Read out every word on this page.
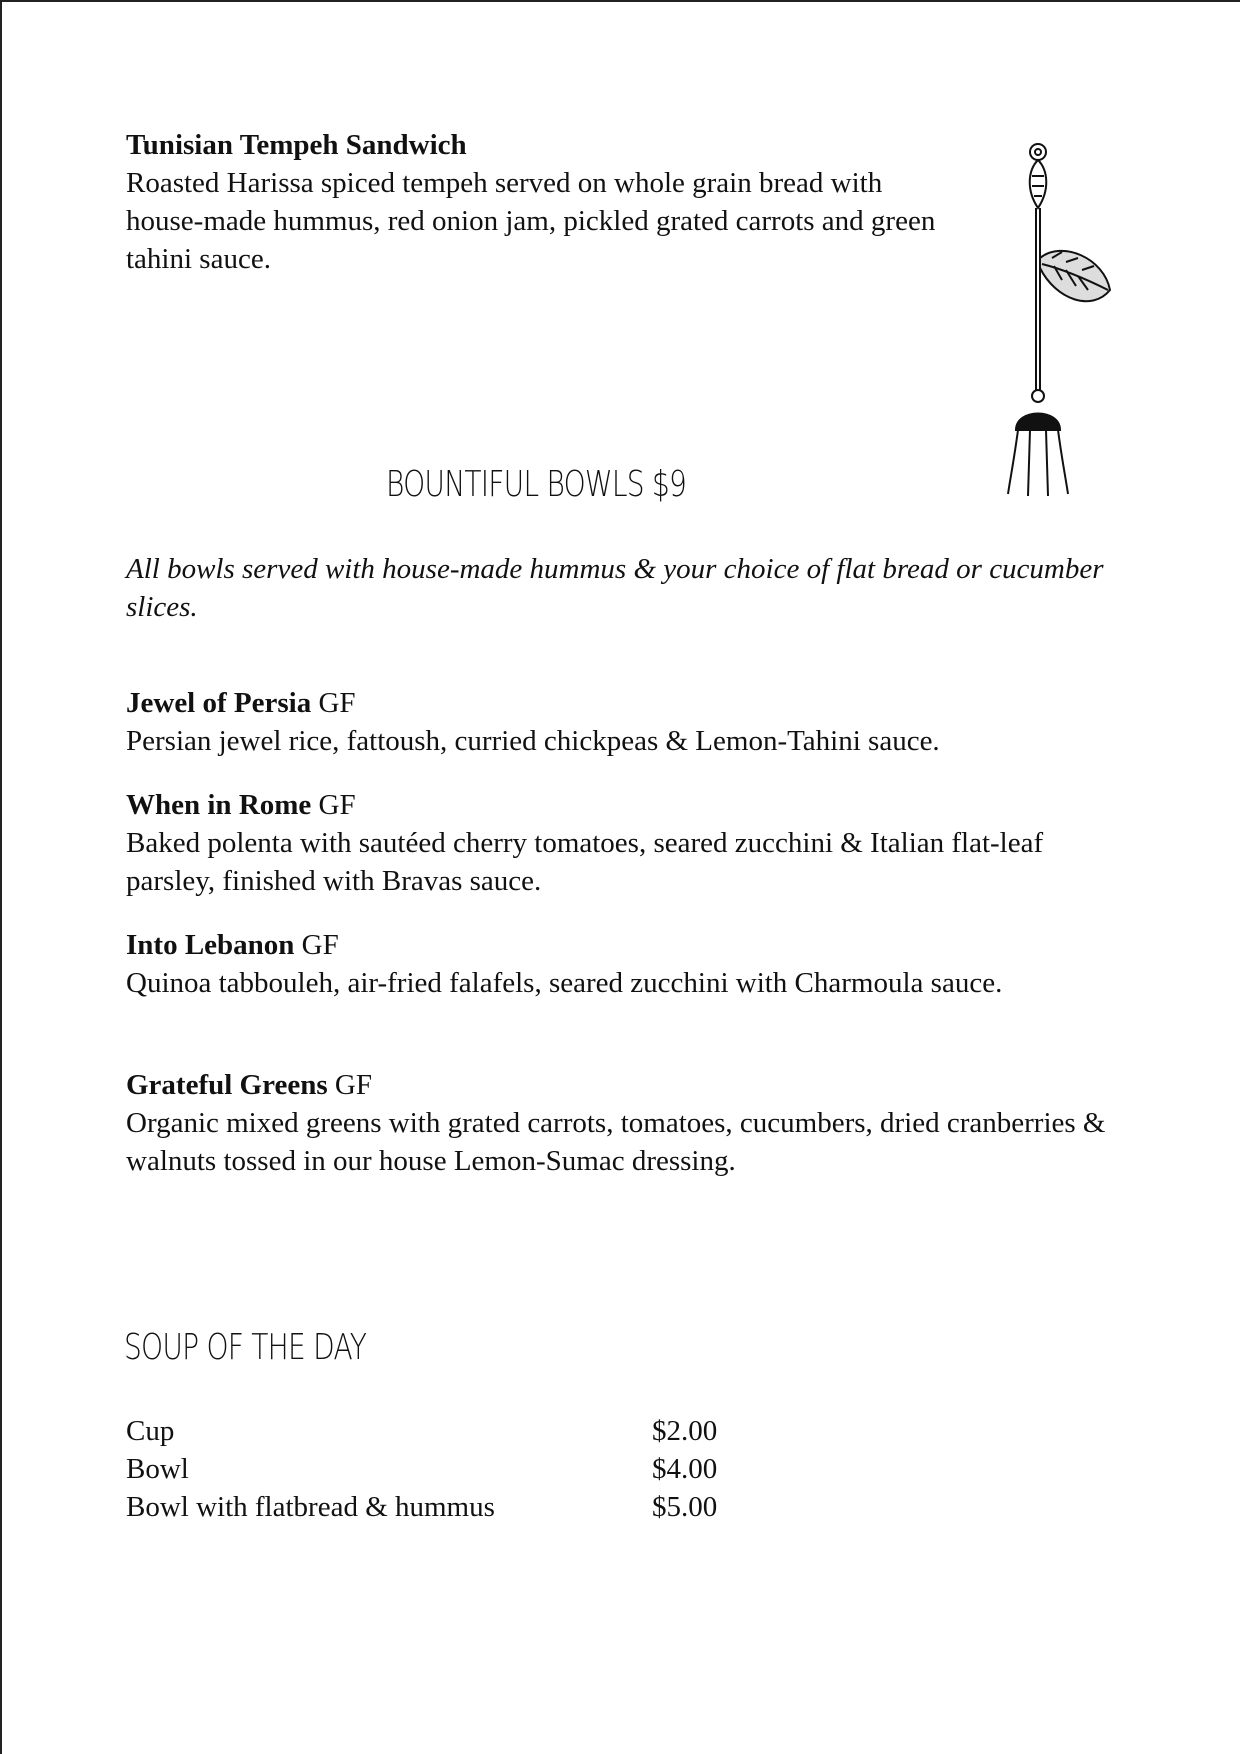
Tunisian Tempeh Sandwich
Roasted Harissa spiced tempeh served on whole grain bread with house-made hummus, red onion jam, pickled grated carrots and green tahini sauce.
BOUNTIFUL BOWLS $9
All bowls served with house-made hummus & your choice of flat bread or cucumber slices.
Jewel of Persia GF
Persian jewel rice, fattoush, curried chickpeas & Lemon-Tahini sauce.
When in Rome GF
Baked polenta with sautéed cherry tomatoes, seared zucchini & Italian flat-leaf parsley, finished with Bravas sauce.
Into Lebanon GF
Quinoa tabbouleh, air-fried falafels, seared zucchini with Charmoula sauce.
Grateful Greens GF
Organic mixed greens with grated carrots, tomatoes, cucumbers, dried cranberries & walnuts tossed in our house Lemon-Sumac dressing.
SOUP OF THE DAY
Cup	$2.00
Bowl	$4.00
Bowl with flatbread & hummus	$5.00
